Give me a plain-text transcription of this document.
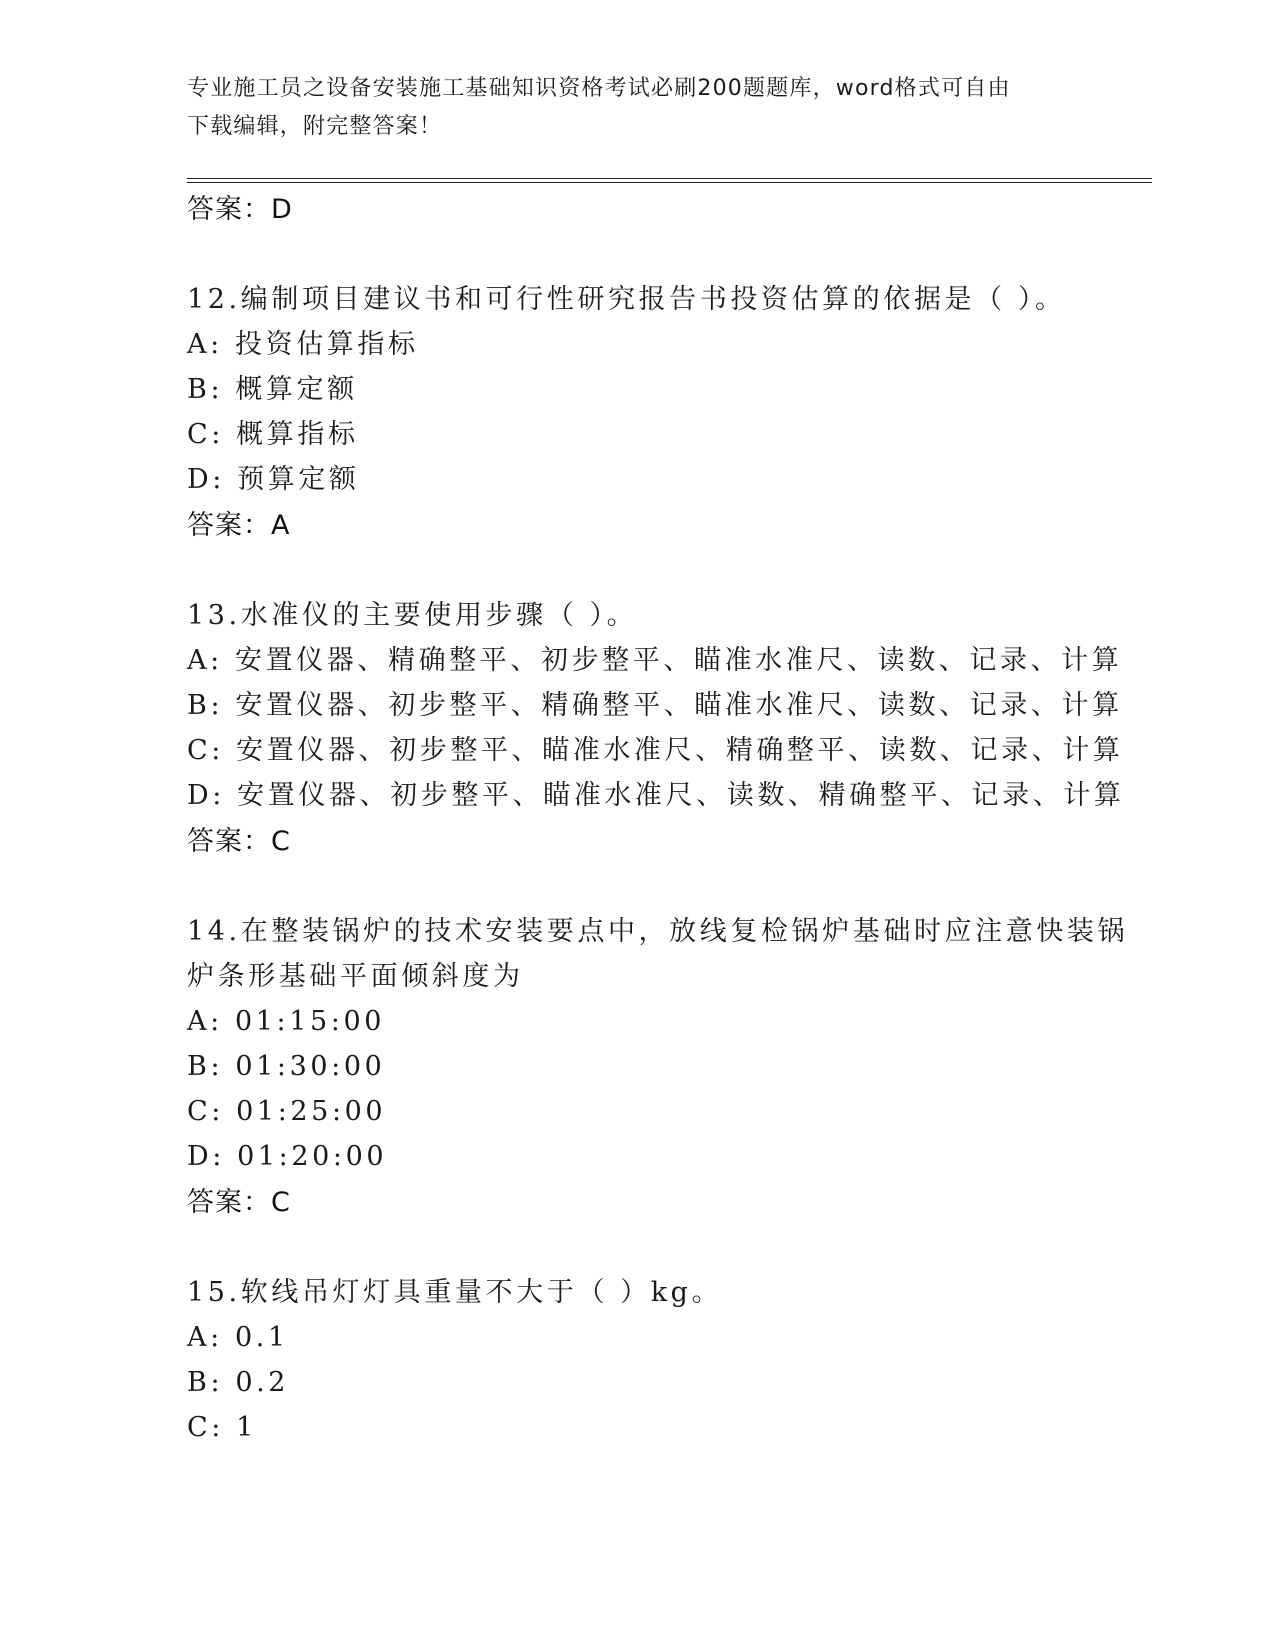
专业施工员之设备安装施工基础知识资格考试必刷200题题库，word格式可自由
下载编辑，附完整答案！
答案：D
12.编制项目建议书和可行性研究报告书投资估算的依据是（ ）。
A: 投资估算指标
B: 概算定额
C: 概算指标
D: 预算定额
答案：A
13.水准仪的主要使用步骤（ ）。
A: 安置仪器、精确整平、初步整平、瞄准水准尺、读数、记录、计算
B: 安置仪器、初步整平、精确整平、瞄准水准尺、读数、记录、计算
C: 安置仪器、初步整平、瞄准水准尺、精确整平、读数、记录、计算
D: 安置仪器、初步整平、瞄准水准尺、读数、精确整平、记录、计算
答案：C
14.在整装锅炉的技术安装要点中，放线复检锅炉基础时应注意快装锅
炉条形基础平面倾斜度为
A: 01:15:00
B: 01:30:00
C: 01:25:00
D: 01:20:00
答案：C
15.软线吊灯灯具重量不大于（ ）kg。
A: 0.1
B: 0.2
C: 1
